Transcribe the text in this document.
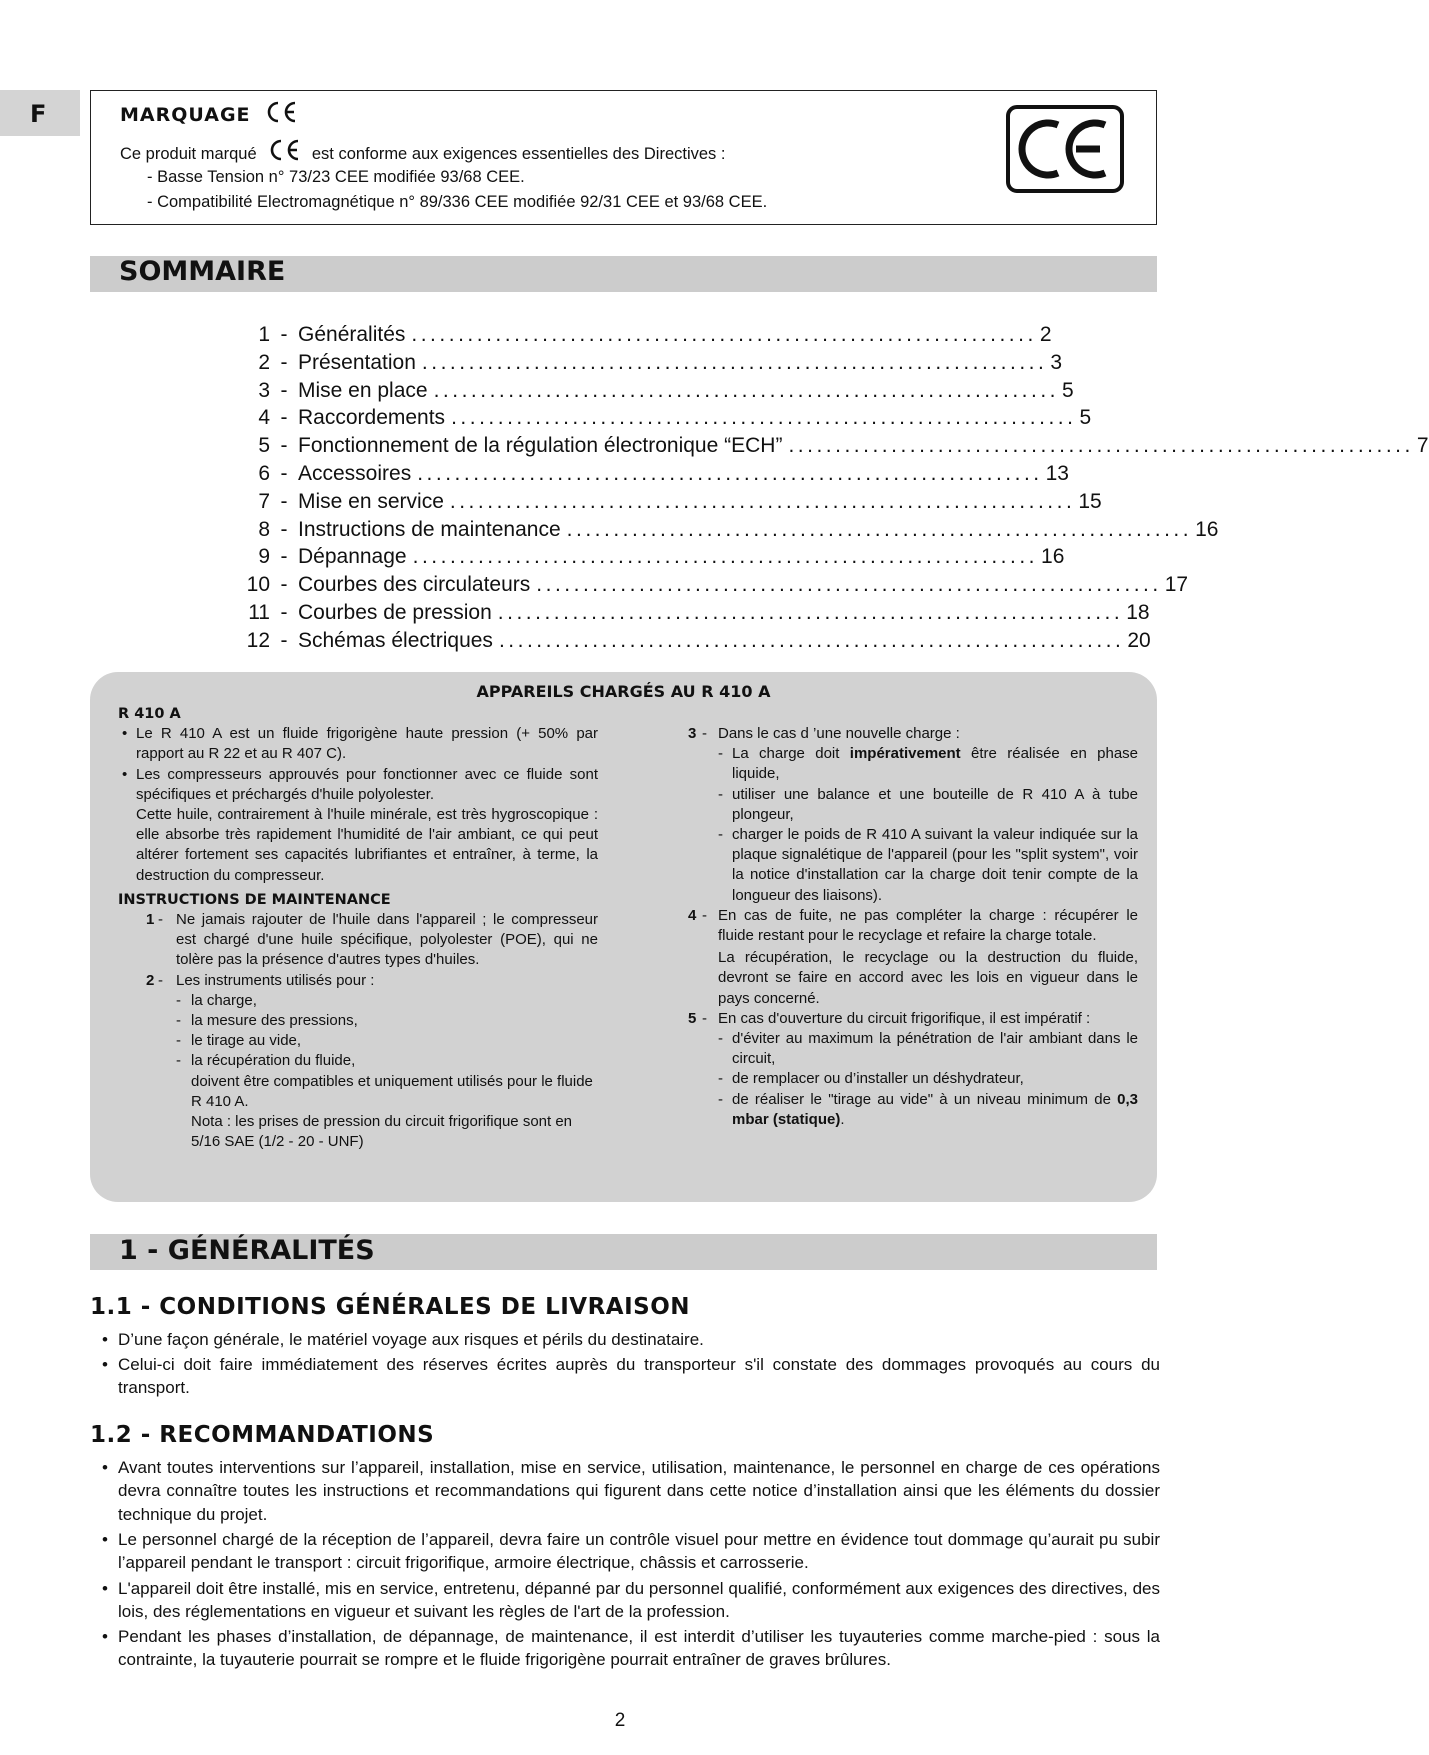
F	MARQUAGE
Ce produit marqué	est conforme aux exigences essentielles des Directives :
- Basse Tension n° 73/23 CEE modifiée 93/68 CEE.
- Compatibilité Electromagnétique n° 89/336 CEE modifiée 92/31 CEE et 93/68 CEE.
SOMMAIRE
1 - Généralités ................................................................... 2
2 - Présentation ................................................................... 3
3 - Mise en place ................................................................... 5
4 - Raccordements ................................................................... 5
5 - Fonctionnement de la régulation électronique “ECH” ................................................................... 7
6 - Accessoires ................................................................... 13
7 - Mise en service ................................................................... 15
8 - Instructions de maintenance ................................................................... 16
9 - Dépannage ................................................................... 16
10 - Courbes des circulateurs ................................................................... 17
11 - Courbes de pression ................................................................... 18
12 - Schémas électriques ................................................................... 20
APPAREILS CHARGÉS AU R 410 A
R 410 A
• Le R 410 A est un fluide frigorigène haute pression (+ 50% par rapport au R 22 et au R 407 C).
• Les compresseurs approuvés pour fonctionner avec ce fluide sont spécifiques et préchargés d'huile polyolester.
Cette huile, contrairement à l'huile minérale, est très hygroscopique : elle absorbe très rapidement l'humidité de l'air ambiant, ce qui peut altérer fortement ses capacités lubrifiantes et entraîner, à terme, la destruction du compresseur.
INSTRUCTIONS DE MAINTENANCE
1 - Ne jamais rajouter de l'huile dans l'appareil ; le compresseur est chargé d'une huile spécifique, polyolester (POE), qui ne tolère pas la présence d'autres types d'huiles.
2 - Les instruments utilisés pour :
- la charge,
- la mesure des pressions,
- le tirage au vide,
- la récupération du fluide,
doivent être compatibles et uniquement utilisés pour le fluide R 410 A.
Nota : les prises de pression du circuit frigorifique sont en 5/16 SAE (1/2 - 20 - UNF)
3 - Dans le cas d ’une nouvelle charge :
- La charge doit impérativement être réalisée en phase liquide,
- utiliser une balance et une bouteille de R 410 A à tube plongeur,
- charger le poids de R 410 A suivant la valeur indiquée sur la plaque signalétique de l'appareil (pour les "split system", voir la notice d'installation car la charge doit tenir compte de la longueur des liaisons).
4 - En cas de fuite, ne pas compléter la charge : récupérer le fluide restant pour le recyclage et refaire la charge totale.
La récupération, le recyclage ou la destruction du fluide, devront se faire en accord avec les lois en vigueur dans le pays concerné.
5 - En cas d'ouverture du circuit frigorifique, il est impératif :
- d'éviter au maximum la pénétration de l'air ambiant dans le circuit,
- de remplacer ou d’installer un déshydrateur,
- de réaliser le "tirage au vide" à un niveau minimum de 0,3 mbar (statique).
1 - GÉNÉRALITÉS
1.1 - CONDITIONS GÉNÉRALES DE LIVRAISON
• D’une façon générale, le matériel voyage aux risques et périls du destinataire.
• Celui-ci doit faire immédiatement des réserves écrites auprès du transporteur s'il constate des dommages provoqués au cours du transport.
1.2 - RECOMMANDATIONS
• Avant toutes interventions sur l’appareil, installation, mise en service, utilisation, maintenance, le personnel en charge de ces opérations devra connaître toutes les instructions et recommandations qui figurent dans cette notice d’installation ainsi que les éléments du dossier technique du projet.
• Le personnel chargé de la réception de l’appareil, devra faire un contrôle visuel pour mettre en évidence tout dommage qu’aurait pu subir l’appareil pendant le transport : circuit frigorifique, armoire électrique, châssis et carrosserie.
• L'appareil doit être installé, mis en service, entretenu, dépanné par du personnel qualifié, conformément aux exigences des directives, des lois, des réglementations en vigueur et suivant les règles de l'art de la profession.
• Pendant les phases d’installation, de dépannage, de maintenance, il est interdit d’utiliser les tuyauteries comme marche-pied : sous la contrainte, la tuyauterie pourrait se rompre et le fluide frigorigène pourrait entraîner de graves brûlures.
2
